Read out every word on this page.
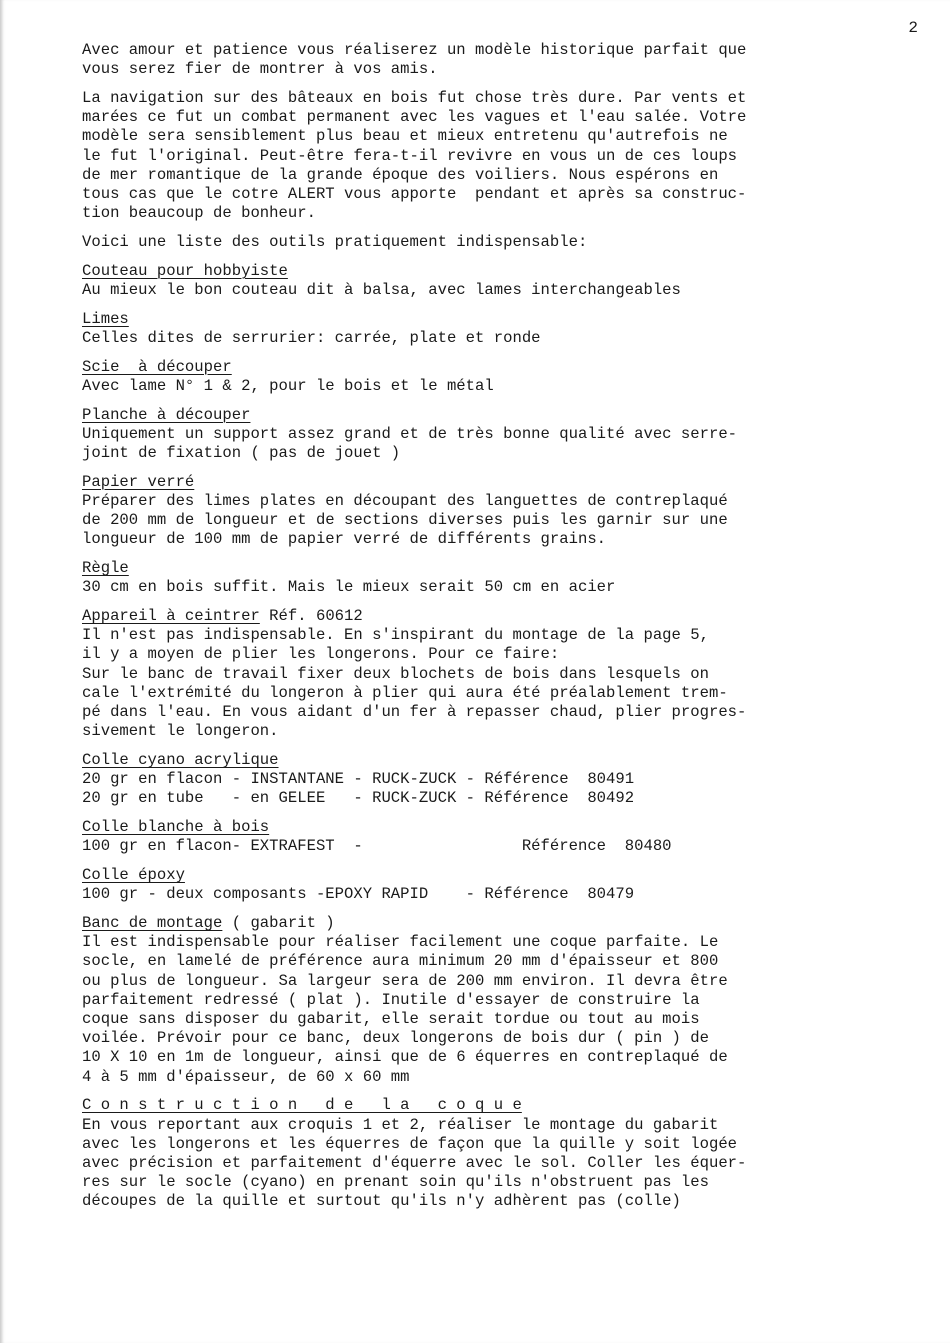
2
Avec amour et patience vous réaliserez un modèle historique parfait que
vous serez fier de montrer à vos amis.
La navigation sur des bâteaux en bois fut chose très dure. Par vents et
marées ce fut un combat permanent avec les vagues et l'eau salée. Votre
modèle sera sensiblement plus beau et mieux entretenu qu'autrefois ne
le fut l'original. Peut-être fera-t-il revivre en vous un de ces loups
de mer romantique de la grande époque des voiliers. Nous espérons en
tous cas que le cotre ALERT vous apporte  pendant et après sa construc-
tion beaucoup de bonheur.
Voici une liste des outils pratiquement indispensable:
Couteau pour hobbyiste
Au mieux le bon couteau dit à balsa, avec lames interchangeables
Limes
Celles dites de serrurier: carrée, plate et ronde
Scie  à découper
Avec lame N° 1 & 2, pour le bois et le métal
Planche à découper
Uniquement un support assez grand et de très bonne qualité avec serre-
joint de fixation ( pas de jouet )
Papier verré
Préparer des limes plates en découpant des languettes de contreplaqué
de 200 mm de longueur et de sections diverses puis les garnir sur une
longueur de 100 mm de papier verré de différents grains.
Règle
30 cm en bois suffit. Mais le mieux serait 50 cm en acier
Appareil à ceintrer Réf. 60612
Il n'est pas indispensable. En s'inspirant du montage de la page 5,
il y a moyen de plier les longerons. Pour ce faire:
Sur le banc de travail fixer deux blochets de bois dans lesquels on
cale l'extrémité du longeron à plier qui aura été préalablement trem-
pé dans l'eau. En vous aidant d'un fer à repasser chaud, plier progres-
sivement le longeron.
Colle cyano acrylique
20 gr en flacon - INSTANTANE - RUCK-ZUCK - Référence  80491
20 gr en tube   - en GELEE   - RUCK-ZUCK - Référence  80492
Colle blanche à bois
100 gr en flacon- EXTRAFEST  -                 Référence  80480
Colle époxy
100 gr - deux composants -EPOXY RAPID    - Référence  80479
Banc de montage ( gabarit )
Il est indispensable pour réaliser facilement une coque parfaite. Le
socle, en lamelé de préférence aura minimum 20 mm d'épaisseur et 800
ou plus de longueur. Sa largeur sera de 200 mm environ. Il devra être
parfaitement redressé ( plat ). Inutile d'essayer de construire la
coque sans disposer du gabarit, elle serait tordue ou tout au mois
voilée. Prévoir pour ce banc, deux longerons de bois dur ( pin ) de
10 X 10 en 1m de longueur, ainsi que de 6 équerres en contreplaqué de
4 à 5 mm d'épaisseur, de 60 x 60 mm
C o n s t r u c t i o n   d e   l a   c o q u e
En vous reportant aux croquis 1 et 2, réaliser le montage du gabarit
avec les longerons et les équerres de façon que la quille y soit logée
avec précision et parfaitement d'équerre avec le sol. Coller les équer-
res sur le socle (cyano) en prenant soin qu'ils n'obstruent pas les
découpes de la quille et surtout qu'ils n'y adhèrent pas (colle)
